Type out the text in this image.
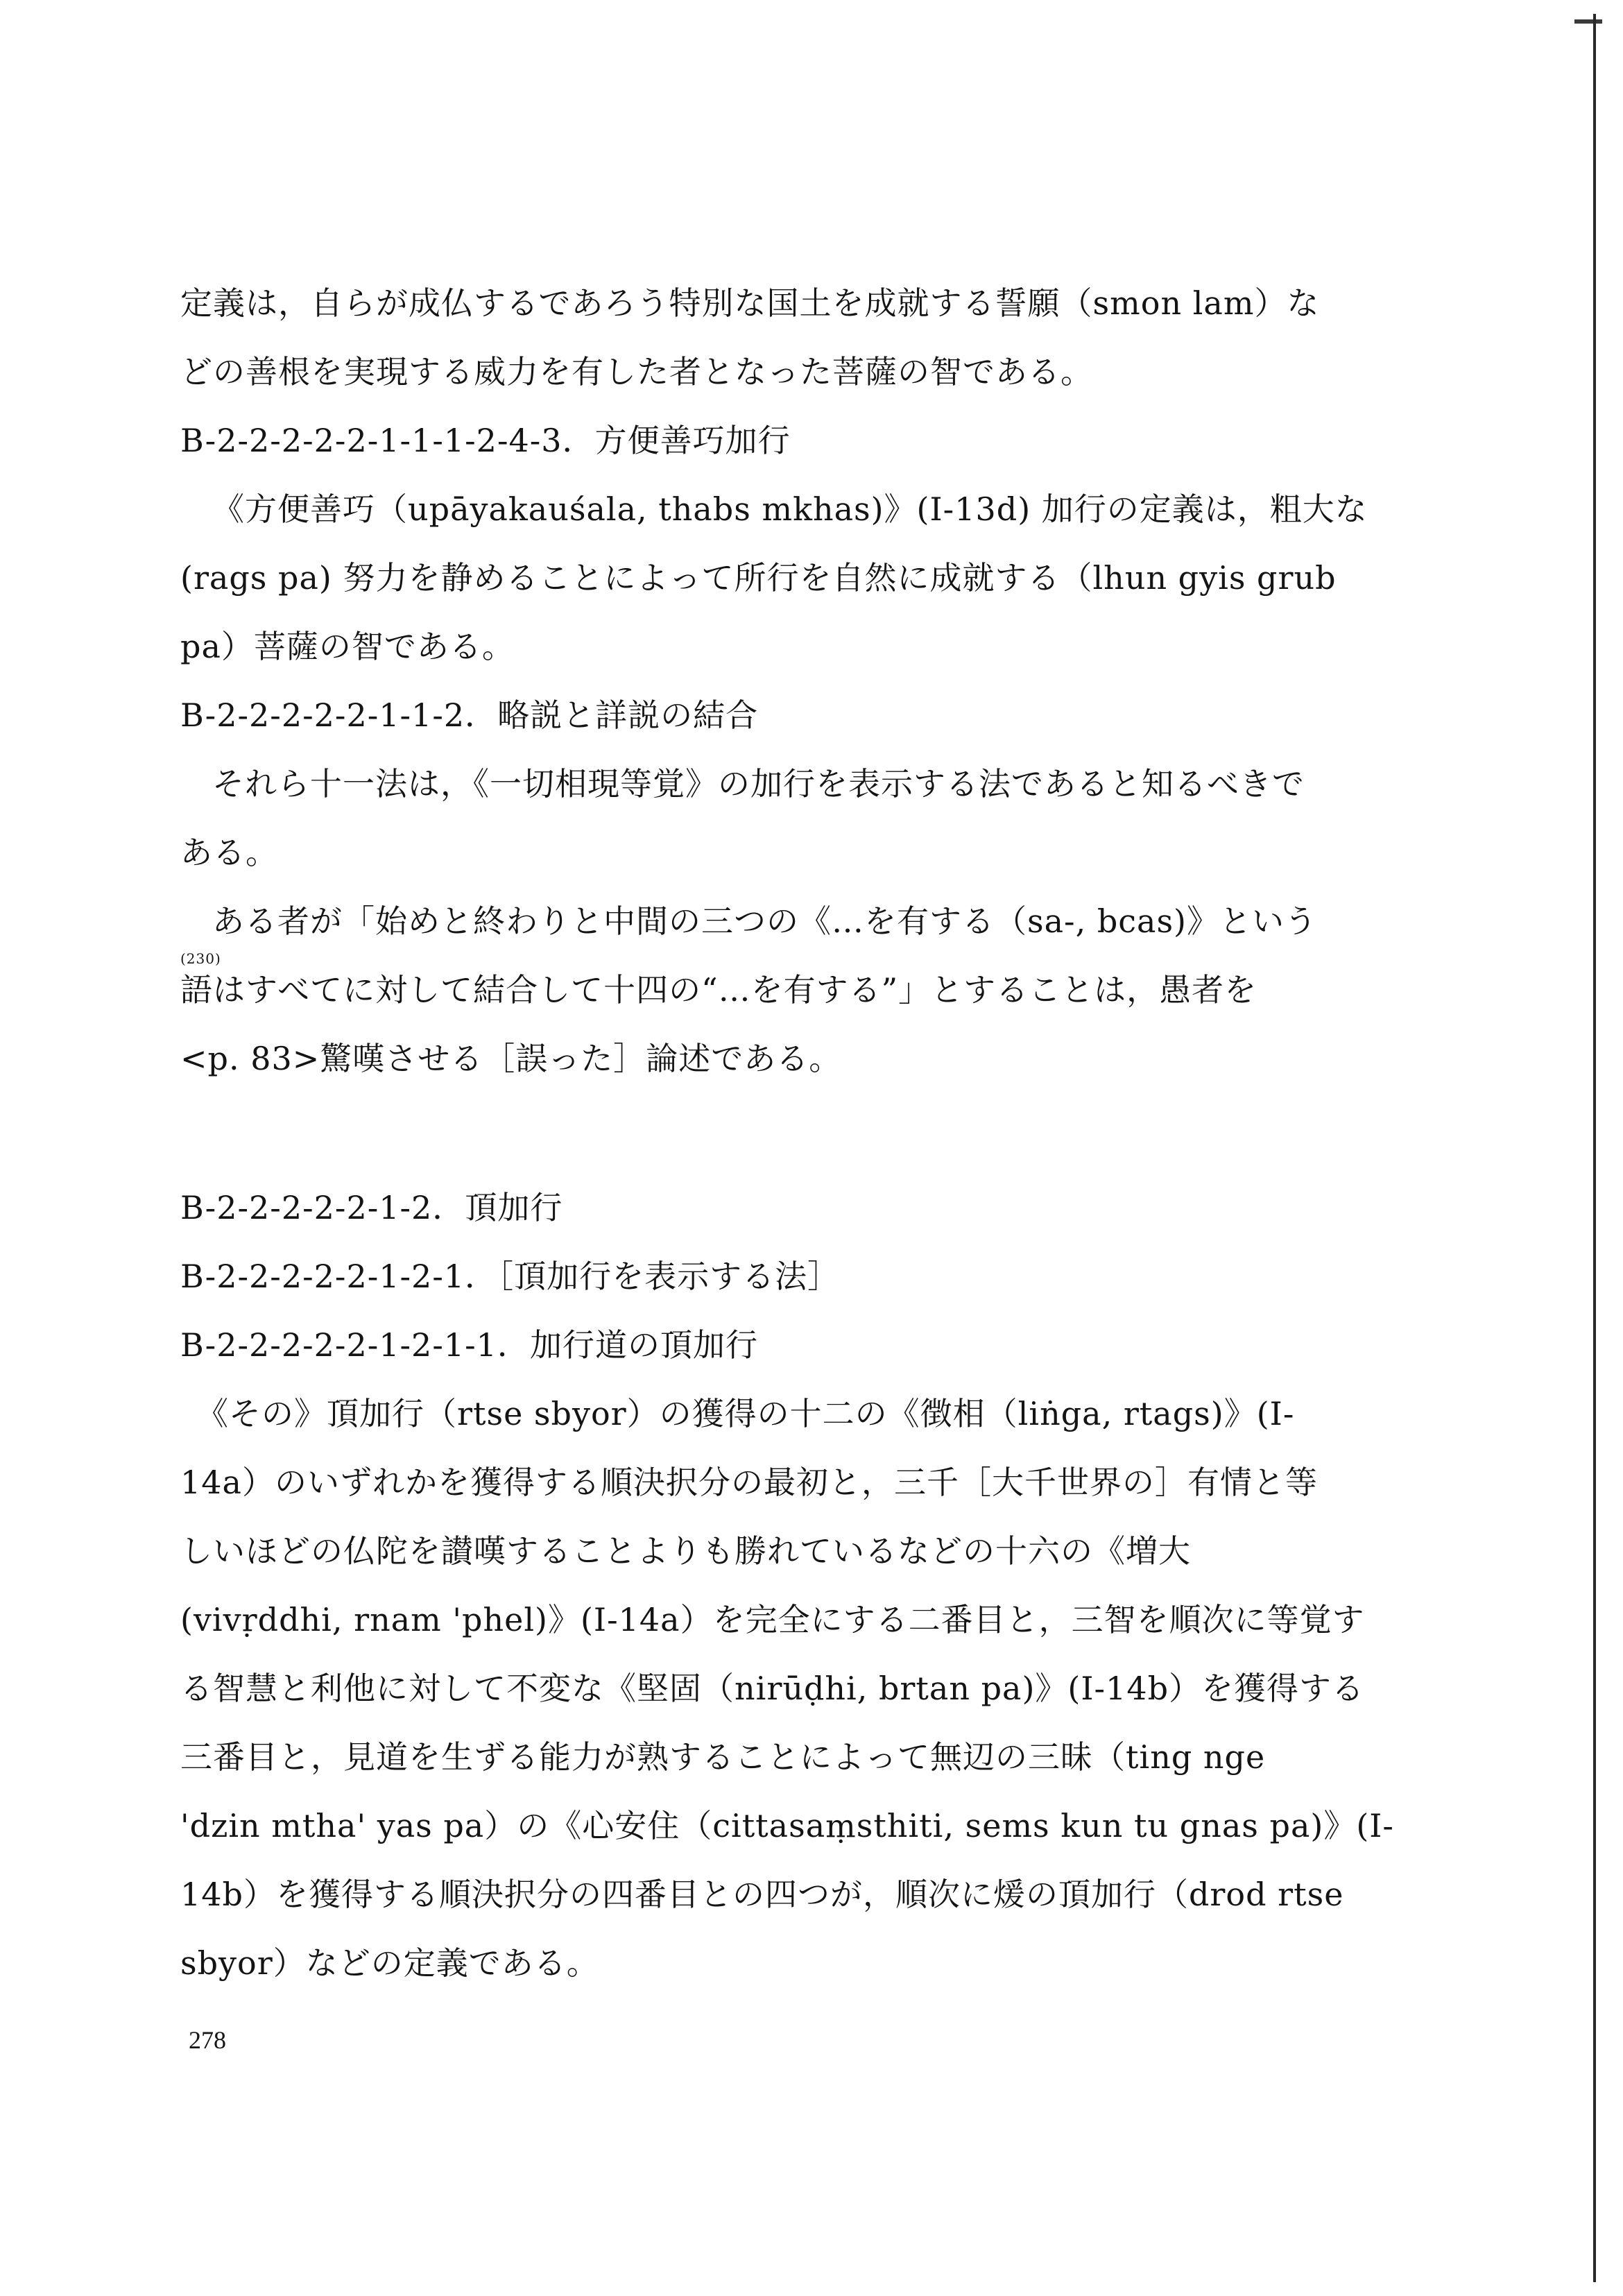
定義は，自らが成仏するであろう特別な国土を成就する誓願（smon lam）な
どの善根を実現する威力を有した者となった菩薩の智である。
B-2-2-2-2-2-1-1-1-2-4-3．方便善巧加行
《方便善巧（upāyakauśala, thabs mkhas)》(I-13d) 加行の定義は，粗大な
(rags pa) 努力を静めることによって所行を自然に成就する（lhun gyis grub
pa）菩薩の智である。
B-2-2-2-2-2-1-1-2．略説と詳説の結合
それら十一法は，《一切相現等覚》の加行を表示する法であると知るべきで
ある。
ある者が「始めと終わりと中間の三つの《…を有する（sa-, bcas)》という
(230)
語はすべてに対して結合して十四の“…を有する”」とすることは，愚者を
<p. 83>驚嘆させる［誤った］論述である。
B-2-2-2-2-2-1-2．頂加行
B-2-2-2-2-2-1-2-1．［頂加行を表示する法］
B-2-2-2-2-2-1-2-1-1．加行道の頂加行
《その》頂加行（rtse sbyor）の獲得の十二の《徴相（liṅga, rtags)》(I-
14a）のいずれかを獲得する順決択分の最初と，三千［大千世界の］有情と等
しいほどの仏陀を讃嘆することよりも勝れているなどの十六の《増大
(vivṛddhi, rnam 'phel)》(I-14a）を完全にする二番目と，三智を順次に等覚す
る智慧と利他に対して不変な《堅固（nirūḍhi, brtan pa)》(I-14b）を獲得する
三番目と，見道を生ずる能力が熟することによって無辺の三昧（ting nge
'dzin mtha' yas pa）の《心安住（cittasaṃsthiti, sems kun tu gnas pa)》(I-
14b）を獲得する順決択分の四番目との四つが，順次に煖の頂加行（drod rtse
sbyor）などの定義である。
278
